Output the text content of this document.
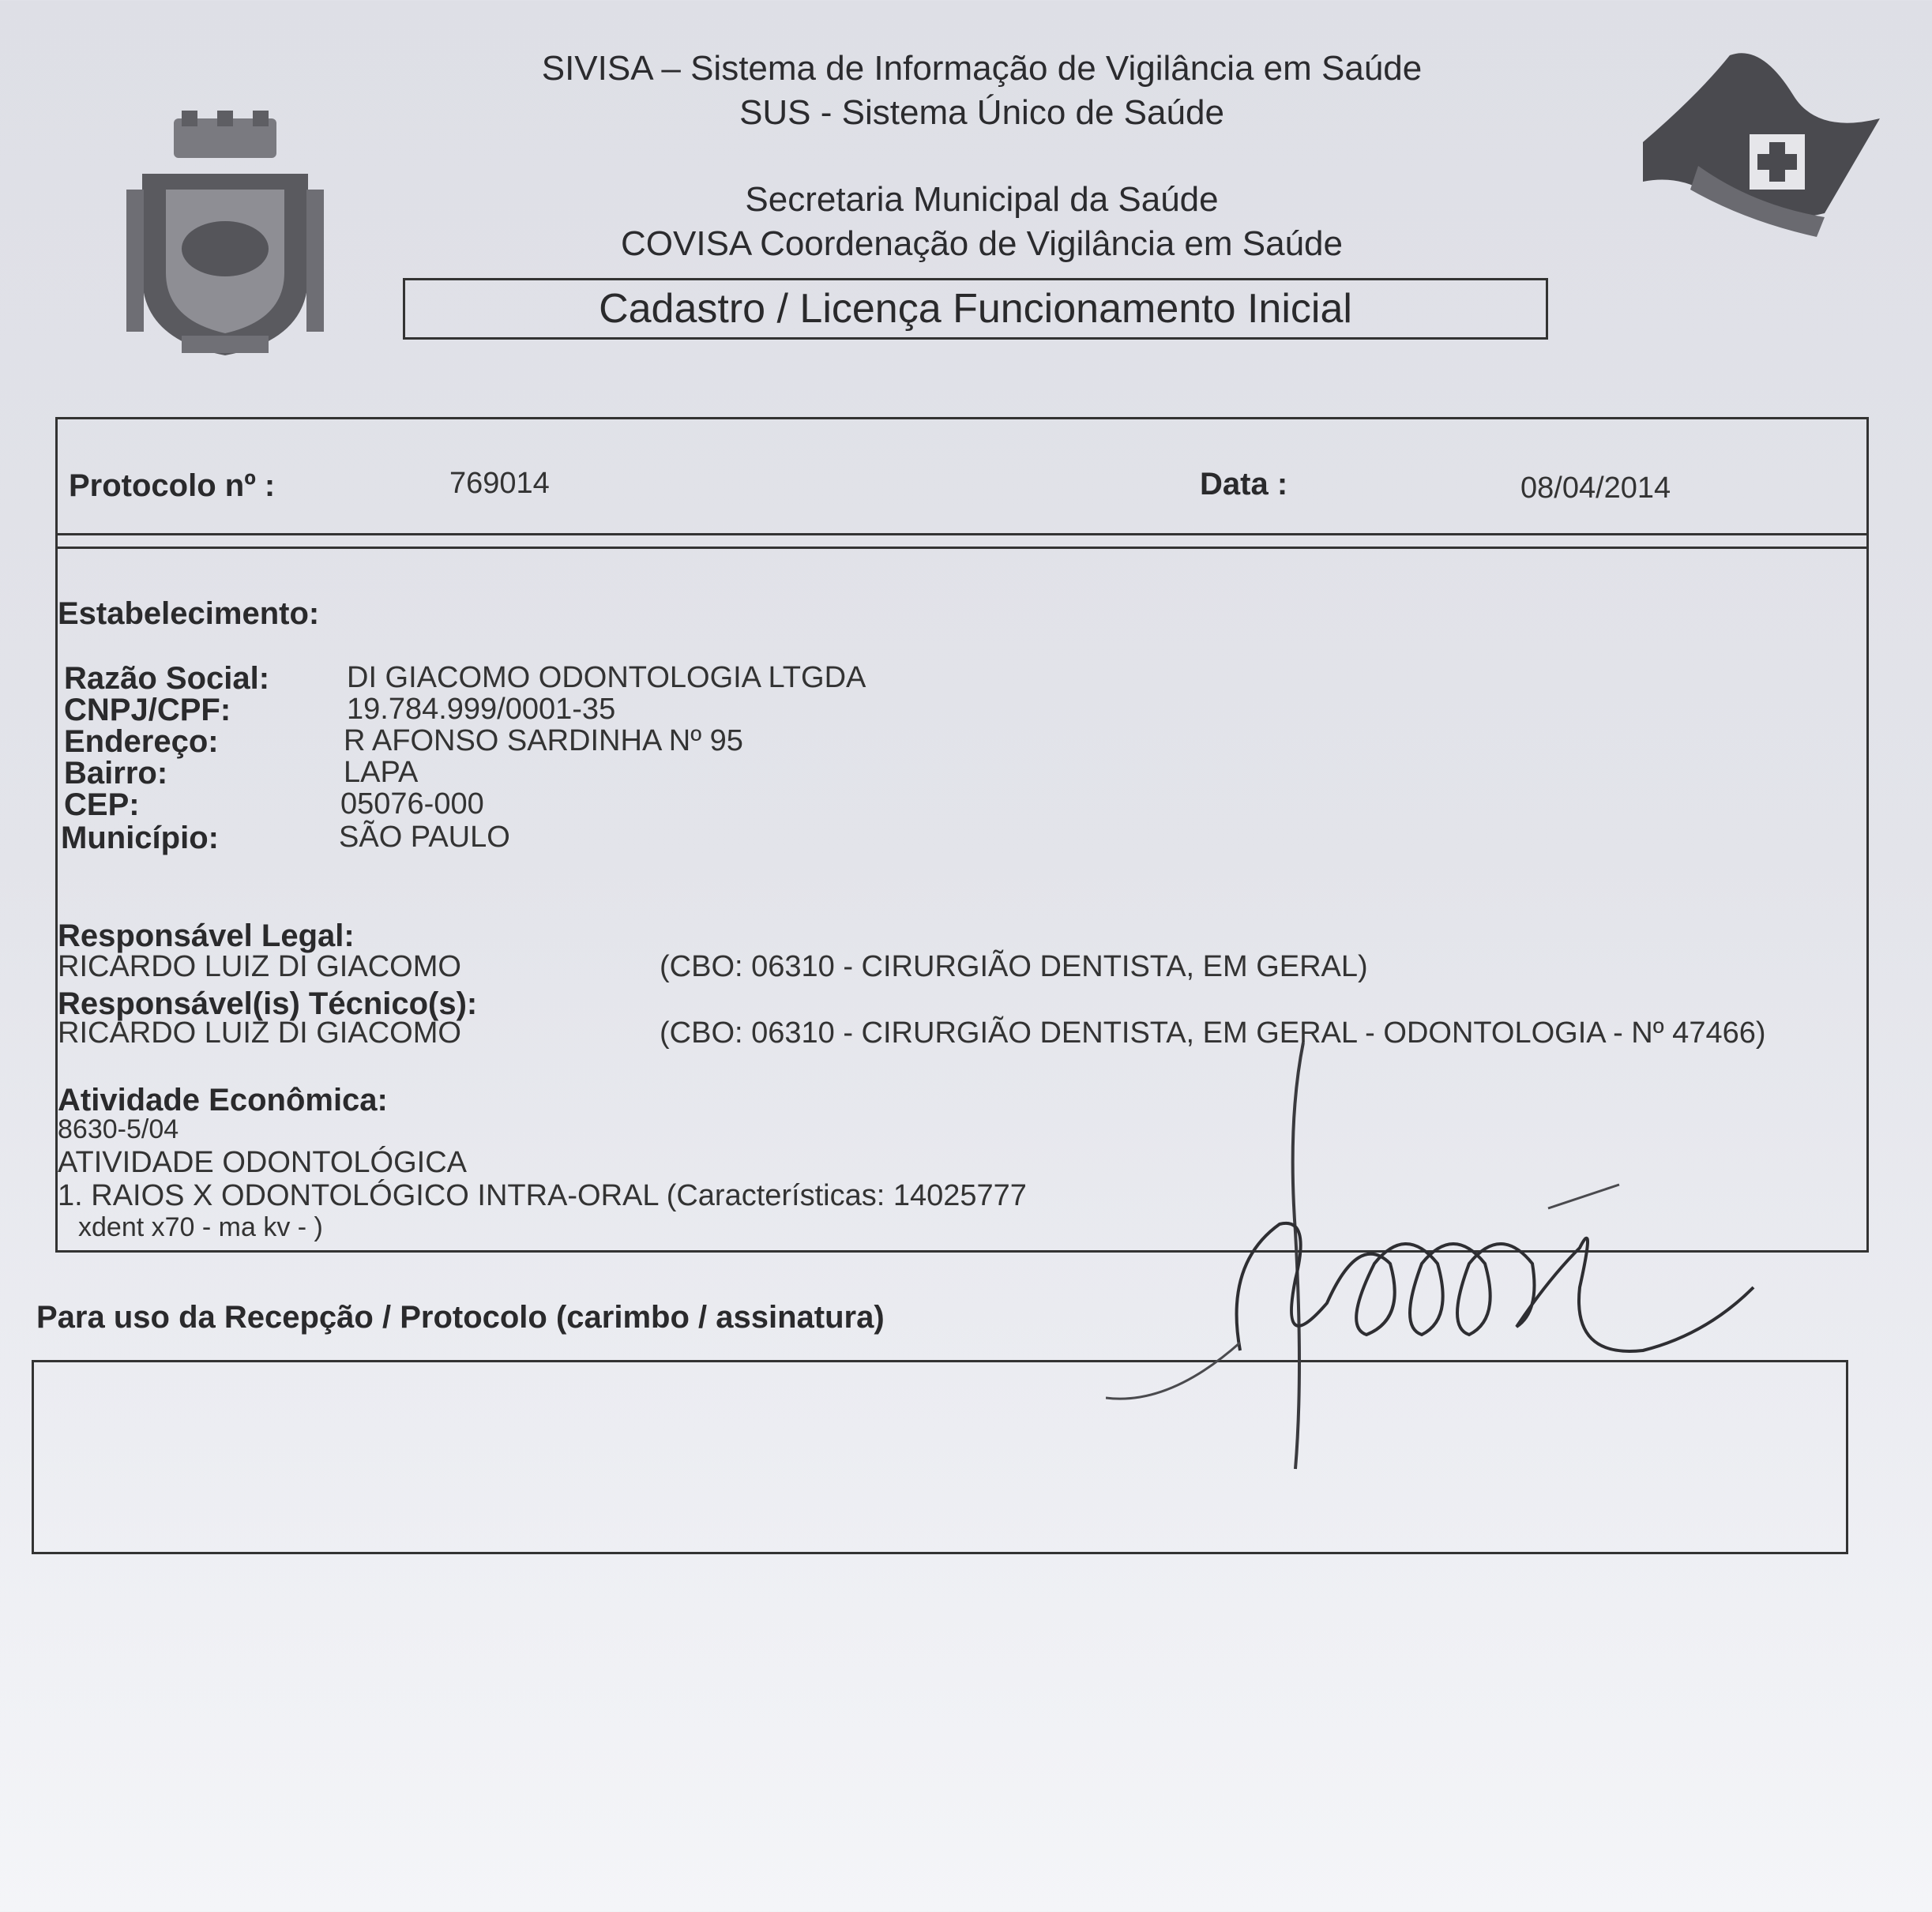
SIVISA – Sistema de Informação de Vigilância em Saúde
SUS - Sistema Único de Saúde
Secretaria Municipal da Saúde
COVISA Coordenação de Vigilância em Saúde
Cadastro / Licença Funcionamento Inicial
Protocolo nº :	769014	Data :	08/04/2014
Estabelecimento:
Razão Social:	DI GIACOMO ODONTOLOGIA LTGDA
CNPJ/CPF:	19.784.999/0001-35
Endereço:	R AFONSO SARDINHA Nº 95
Bairro:	LAPA
CEP:	05076-000
Município:	SÃO PAULO
Responsável Legal:
RICARDO LUIZ DI GIACOMO	(CBO: 06310 - CIRURGIÃO DENTISTA, EM GERAL)
Responsável(is) Técnico(s):
RICARDO LUIZ DI GIACOMO	(CBO: 06310 - CIRURGIÃO DENTISTA, EM GERAL - ODONTOLOGIA - Nº 47466)
Atividade Econômica:
8630-5/04
ATIVIDADE ODONTOLÓGICA
1. RAIOS X ODONTOLÓGICO INTRA-ORAL (Características: 14025777
xdent x70 - ma kv - )
Para uso da Recepção / Protocolo (carimbo / assinatura)
